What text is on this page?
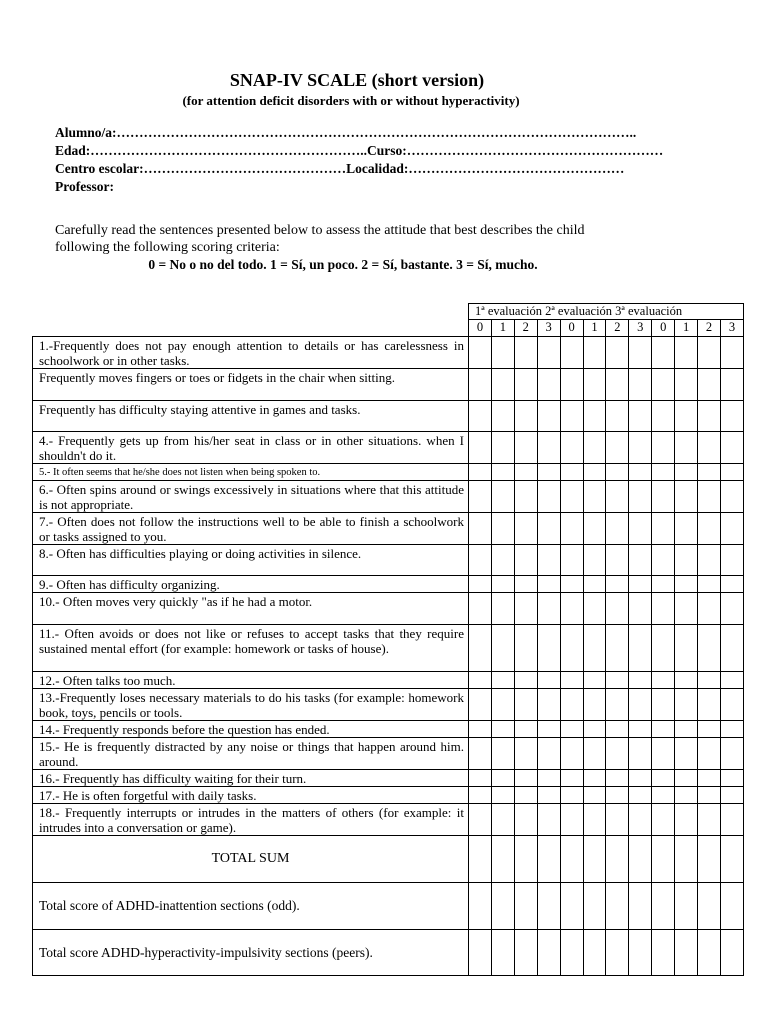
SNAP-IV SCALE (short version)
(for attention deficit disorders with or without hyperactivity)
Alumno/a:……………………………………………………………………………………………………..
Edad:……………………………………………………..Curso:…………………………………………………
Centro escolar:………………………………………Localidad:…………………………………………
Professor:
Carefully read the sentences presented below to assess the attitude that best describes the child following the following scoring criteria:
0 = No o no del todo. 1 = Sí, un poco. 2 = Sí, bastante. 3 = Sí, mucho.
	1ª evaluación 2ª evaluación 3ª evaluación											
	0	1	2	3	0	1	2	3	0	1	2	3
1.-Frequently does not pay enough attention to details or has carelessness in schoolwork or in other tasks.												
Frequently moves fingers or toes or fidgets in the chair when sitting.												
Frequently has difficulty staying attentive in games and tasks.												
4.- Frequently gets up from his/her seat in class or in other situations. when I shouldn't do it.												
5.- It often seems that he/she does not listen when being spoken to.												
6.- Often spins around or swings excessively in situations where that this attitude is not appropriate.												
7.- Often does not follow the instructions well to be able to finish a schoolwork or tasks assigned to you.												
8.- Often has difficulties playing or doing activities in silence.												
9.- Often has difficulty organizing.												
10.- Often moves very quickly "as if he had a motor.												
11.- Often avoids or does not like or refuses to accept tasks that they require sustained mental effort (for example: homework or tasks of house).												
12.- Often talks too much.												
13.-Frequently loses necessary materials to do his tasks (for example: homework book, toys, pencils or tools.												
14.- Frequently responds before the question has ended.												
15.- He is frequently distracted by any noise or things that happen around him. around.												
16.- Frequently has difficulty waiting for their turn.												
17.- He is often forgetful with daily tasks.												
18.- Frequently interrupts or intrudes in the matters of others (for example: it intrudes into a conversation or game).												
TOTAL SUM												
Total score of ADHD-inattention sections (odd).												
Total score ADHD-hyperactivity-impulsivity sections (peers).												
